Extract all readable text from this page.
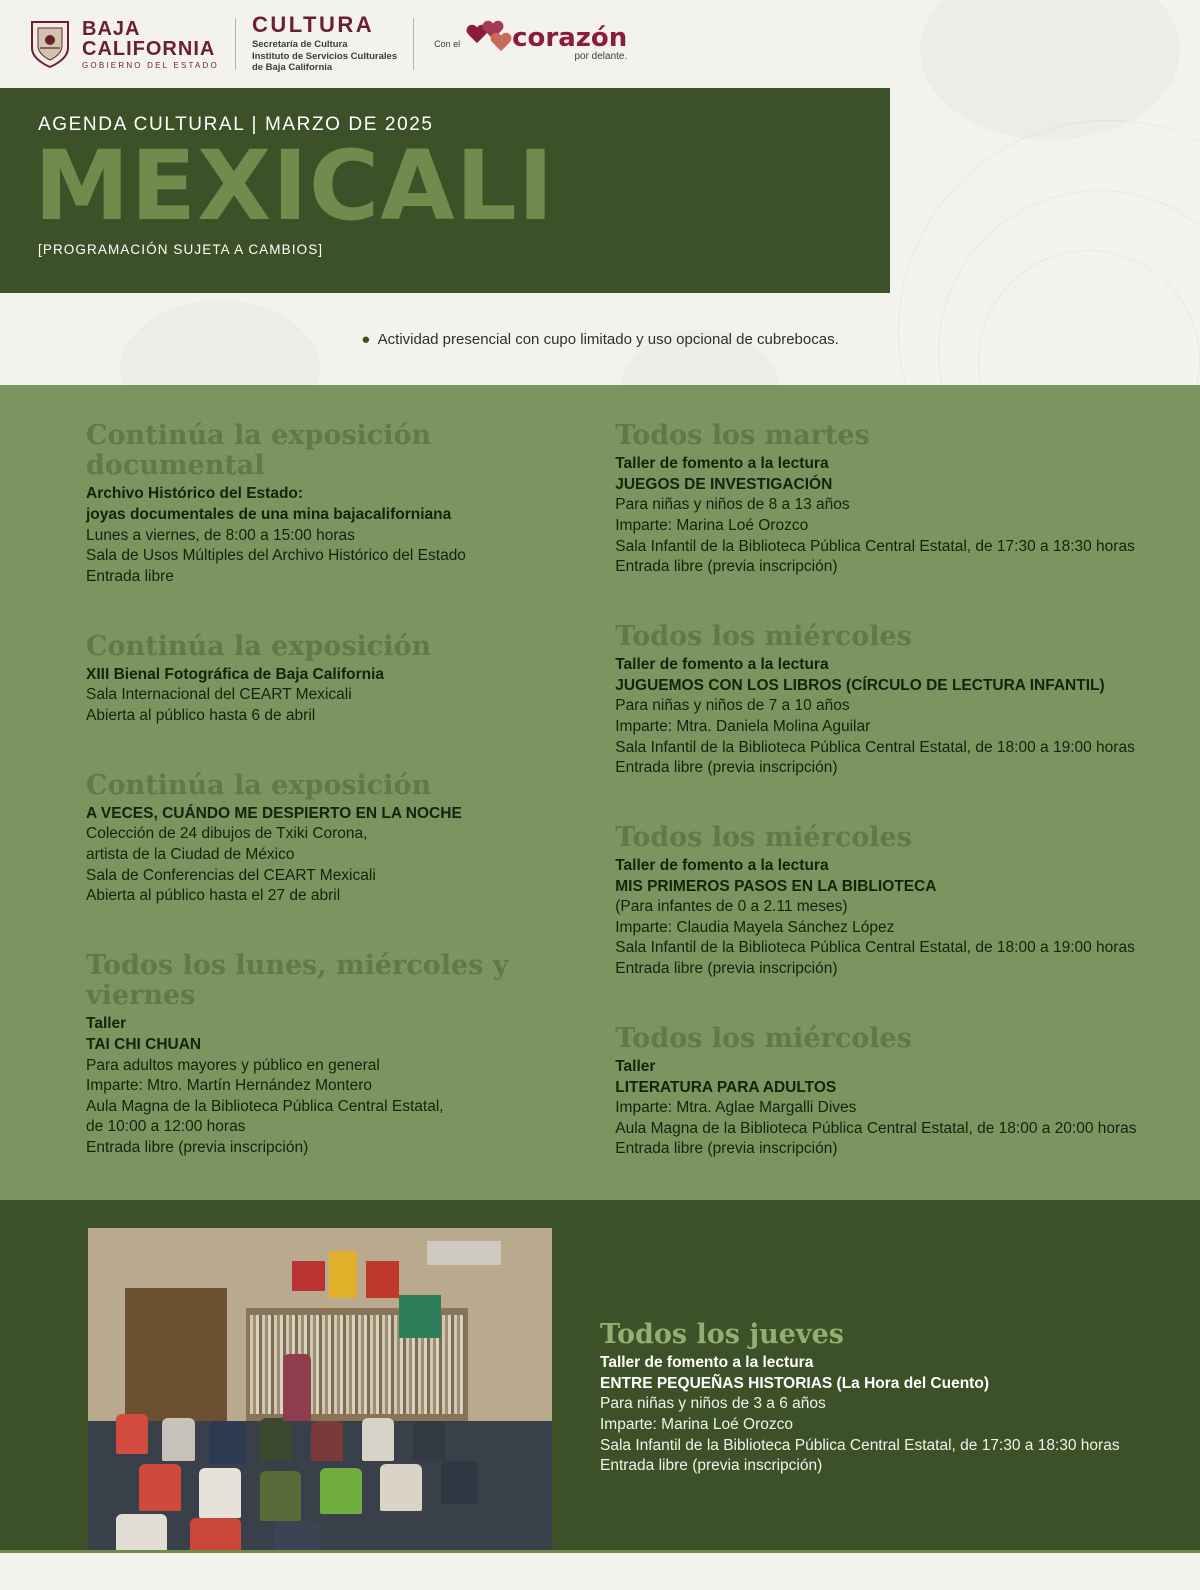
BAJA
CALIFORNIA
GOBIERNO DEL ESTADO
CULTURA
Secretaría de Cultura
Instituto de Servicios Culturales
de Baja California
Con el corazón
por delante.
AGENDA CULTURAL | MARZO DE 2025
MEXICALI
[PROGRAMACIÓN SUJETA A CAMBIOS]
● Actividad presencial con cupo limitado y uso opcional de cubrebocas.
Continúa la exposición documental
Archivo Histórico del Estado:
joyas documentales de una mina bajacaliforniana
Lunes a viernes, de 8:00 a 15:00 horas
Sala de Usos Múltiples del Archivo Histórico del Estado
Entrada libre
Continúa la exposición
XIII Bienal Fotográfica de Baja California
Sala Internacional del CEART Mexicali
Abierta al público hasta 6 de abril
Continúa la exposición
A VECES, CUÁNDO ME DESPIERTO EN LA NOCHE
Colección de 24 dibujos de Txiki Corona,
artista de la Ciudad de México
Sala de Conferencias del CEART Mexicali
Abierta al público hasta el 27 de abril
Todos los lunes, miércoles y viernes
Taller
TAI CHI CHUAN
Para adultos mayores y público en general
Imparte: Mtro. Martín Hernández Montero
Aula Magna de la Biblioteca Pública Central Estatal,
de 10:00 a 12:00 horas
Entrada libre (previa inscripción)
Todos los martes
Taller de fomento a la lectura
JUEGOS DE INVESTIGACIÓN
Para niñas y niños de 8 a 13 años
Imparte: Marina Loé Orozco
Sala Infantil de la Biblioteca Pública Central Estatal, de 17:30 a 18:30 horas
Entrada libre (previa inscripción)
Todos los miércoles
Taller de fomento a la lectura
JUGUEMOS CON LOS LIBROS (CÍRCULO DE LECTURA INFANTIL)
Para niñas y niños de 7 a 10 años
Imparte: Mtra. Daniela Molina Aguilar
Sala Infantil de la Biblioteca Pública Central Estatal, de 18:00 a 19:00 horas
Entrada libre (previa inscripción)
Todos los miércoles
Taller de fomento a la lectura
MIS PRIMEROS PASOS EN LA BIBLIOTECA
(Para infantes de 0 a 2.11 meses)
Imparte: Claudia Mayela Sánchez López
Sala Infantil de la Biblioteca Pública Central Estatal, de 18:00 a 19:00 horas
Entrada libre (previa inscripción)
Todos los miércoles
Taller
LITERATURA PARA ADULTOS
Imparte: Mtra. Aglae Margalli Dives
Aula Magna de la Biblioteca Pública Central Estatal, de 18:00 a 20:00 horas
Entrada libre (previa inscripción)
Todos los jueves
Taller de fomento a la lectura
ENTRE PEQUEÑAS HISTORIAS (La Hora del Cuento)
Para niñas y niños de 3 a 6 años
Imparte: Marina Loé Orozco
Sala Infantil de la Biblioteca Pública Central Estatal, de 17:30 a 18:30 horas
Entrada libre (previa inscripción)
